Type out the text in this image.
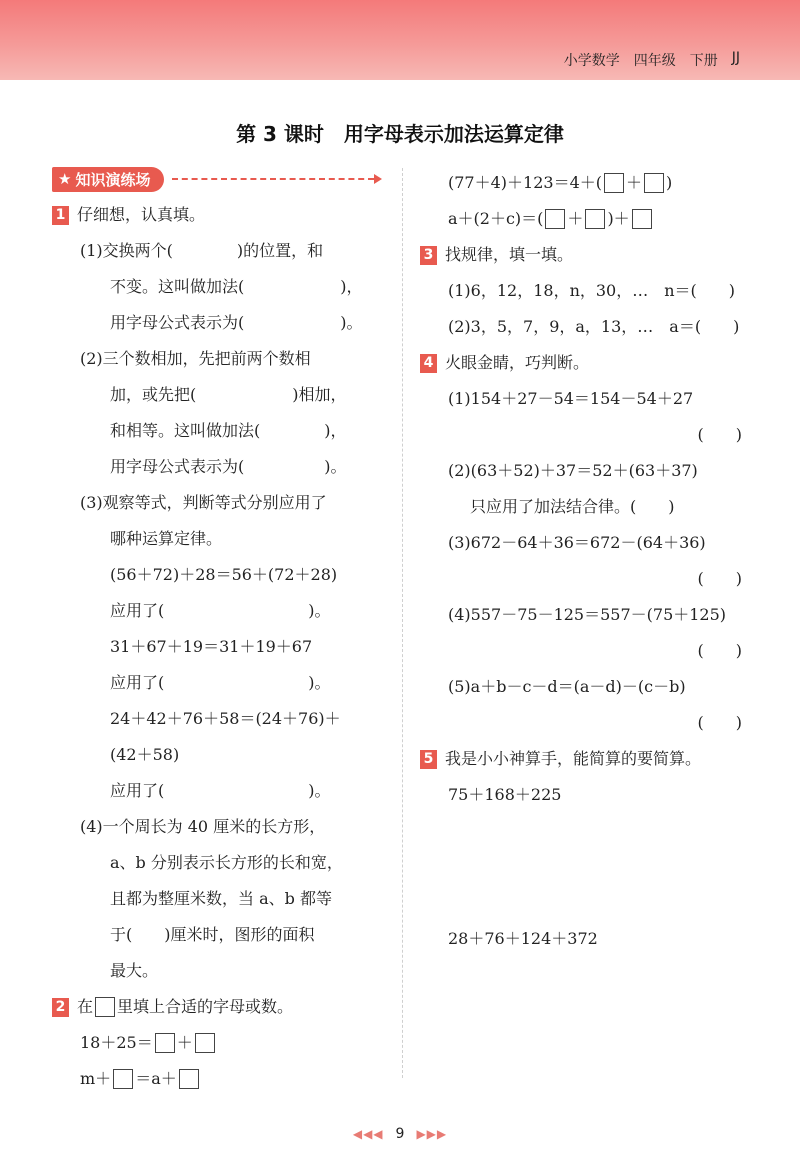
小学数学 四年级 下册 JJ
第 3 课时　用字母表示加法运算定律
★ 知识演练场
1 仔细想，认真填。
(1)交换两个(　　　　)的位置，和
不变。这叫做加法(　　　　　　)，
用字母公式表示为(　　　　　　)。
(2)三个数相加，先把前两个数相
加，或先把(　　　　　　)相加，
和相等。这叫做加法(　　　　)，
用字母公式表示为(　　　　　)。
(3)观察等式，判断等式分别应用了
哪种运算定律。
(56＋72)＋28＝56＋(72＋28)
应用了(　　　　　　　　　)。
31＋67＋19＝31＋19＋67
应用了(　　　　　　　　　)。
24＋42＋76＋58＝(24＋76)＋
(42＋58)
应用了(　　　　　　　　　)。
(4)一个周长为 40 厘米的长方形，
a、b 分别表示长方形的长和宽，
且都为整厘米数，当 a、b 都等
于(　　)厘米时，图形的面积
最大。
2 在 里填上合适的字母或数。
18＋25＝ ＋
m＋ ＝a＋
(77＋4)＋123＝4＋( ＋ )
a＋(2＋c)＝( ＋ )＋
3 找规律，填一填。
(1)6，12，18，n，30，…　n＝(　　)
(2)3，5，7，9，a，13，…　a＝(　　)
4 火眼金睛，巧判断。
(1)154＋27－54＝154－54＋27
(　　)
(2)(63＋52)＋37＝52＋(63＋37)
只应用了加法结合律。(　　)
(3)672－64＋36＝672－(64＋36)
(　　)
(4)557－75－125＝557－(75＋125)
(　　)
(5)a＋b－c－d＝(a－d)－(c－b)
(　　)
5 我是小小神算手，能简算的要简算。
75＋168＋225
28＋76＋124＋372
◀◀◀ 9 ▶▶▶
